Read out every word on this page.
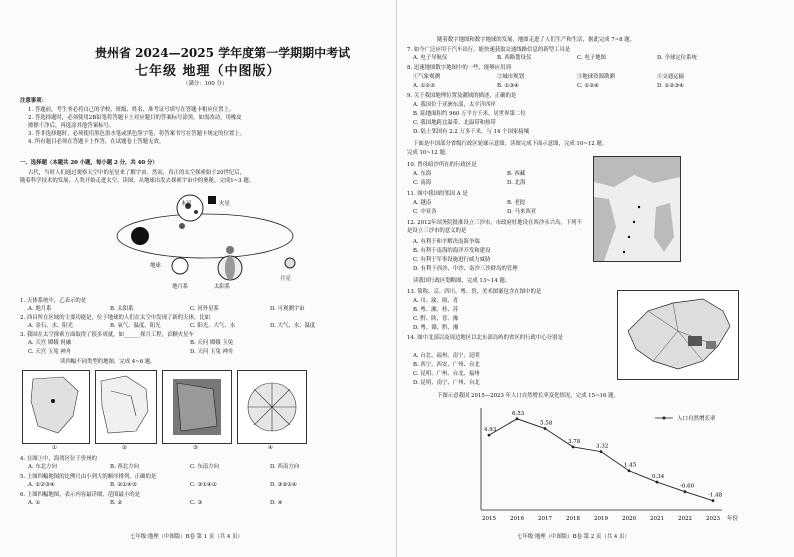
贵州省 2024—2025 学年度第一学期期中考试
七年级 地理（中图版）
（满分：100 分）
注意事项：
1. 答题前，考生务必将自己的学校、班级、姓名、准考证号填写在答题卡相应位置上。
2. 答选择题时，必须使用2B铅笔将答题卡上对应题目的答案标号涂黑。如需改动，用橡皮
擦擦干净后，再选涂其他答案标号。
3. 答非选择题时，必须使用黑色墨水笔或黑色签字笔，将答案书写在答题卡规定的位置上。
4. 所有题目必须在答题卡上作答，在试题卷上答题无效。
一、选择题（本题共 20 小题，每小题 2 分，共 40 分）
古代，当时人们通过观察天空中的星星来了解宇宙。然而，真正的太空探索始于20世纪后，
随着科学技术的发展，人类开始走进太空。读图，从地球出发去探索宇宙中的奥秘，完成1~3 题。
木星
地球
火星
地月系	太阳系
月亮
1. 天体系统中，乙表示的是
A. 地月系	B. 太阳系	C. 河外星系	D. 可观测宇宙
2. 西昌所在区域的主要功能是，位于地球的人们在太空中发现了新的天体，比如
A. 金石、水、阳光	B. 氧气、温度、阳光	C. 阳光、大气、水	D. 大气、水、温度
3. 我国在太空探索方面取得了很多成就，如______探月工程，首颗火星车
A. 天宫 嫦娥 祝融	B. 天问 嫦娥 玉兔
C. 天宫 玉兔 神舟	D. 天问 玉兔 神舟
读四幅不同类型的地图，完成 4~6 题。
①	②	③	④
4. 在图①中，海湾区位于贵州的
A. 东北方向	B. 西北方向	C. 东南方向	D. 西南方向
5. 上图四幅地图的比例尺由小到大的顺序排列，正确的是
A. ①②③④	B. ②①④③	C. ③①④②	D. ③②①④
6. 上图四幅地图，表示内容最详细，范围最小的是
A. ①	B. ②	C. ③	D. ④
七年级·地理（中图版）B卷 第 1 页（共 4 页）
随着数字地图和数字地球的发展，地图走进了人们生产和生活，据此完成 7~8 题。
7. 如今广泛应用于汽车出行，能快速获取交通线路信息的新型工具是
A. 电子导航仪	B. 西路划设仪	C. 电子地图	D. 全球定位系统
8. 迅速地图数字地图中的一些，能够应用到
①气象观测	②城市规划	③地球资源勘测	④交通运输
A. ①②③	B. ①③④	C. ①②④	D. ①②③④
9. 关于我国地理位置及疆域的描述，正确的是
A. 我国位于亚洲东部，太平洋西岸
B. 陆地面积约 960 万平方千米，居世界第二位
C. 我国地跨北温带，北温带和热带
D. 陆上邻国有 2.2 万多千米，与 14 个国家接壤
下面是中国部分省级行政区轮廓示意图，读图完成下面示意图，完成 10~12 题。
完成 10~12 题。
10. 曾母暗沙所在的行政区是
A. 东海	B. 西藏
C. 南海	D. 北海
11. 图中我国的邻国 A 是
A. 越南	B. 老挝
C. 中亚各	D. 马来西亚
12. 2012年国务院批准设立三沙市，市政府驻地设在西沙永兴岛，下列不是设立三沙市的意义的是
A. 有利于和平解决南海争端
B. 有利于南海的海洋开发和建设
C. 有利于军事设施进行威力威胁
D. 有利于西沙、中沙、南沙三沙群岛的管理
读我国行政区划略图，完成 13~14 题。
13. 简称、京、四川、粤、贵、美术图案包含在图中的是
A. 川、渝、闽、青
B. 粤、湘、桂、苏
C. 黔、陕、晋、豫
D. 粤、赣、黔、湘
14. 图中北部以及周边地区以北东部岛屿的省区的行政中心分别是
A. 台北、福州、南宁、昆明
B. 西宁、西安、广州、台北
C. 昆明、广州、台北、福州
D. 昆明、南宁、广州、台北
下图示意我国 2015—2023 年人口自然增长率变化情况，完成 15~16 题。
人口自然增长率
4.93
2015
6.53
2016
5.58
2017
3.78
2018
3.32
2019
1.45
2020
0.34
2021
-0.60
2022
-1.48
2023 年份
七年级·地理（中图版）B卷 第 2 页（共 4 页）
